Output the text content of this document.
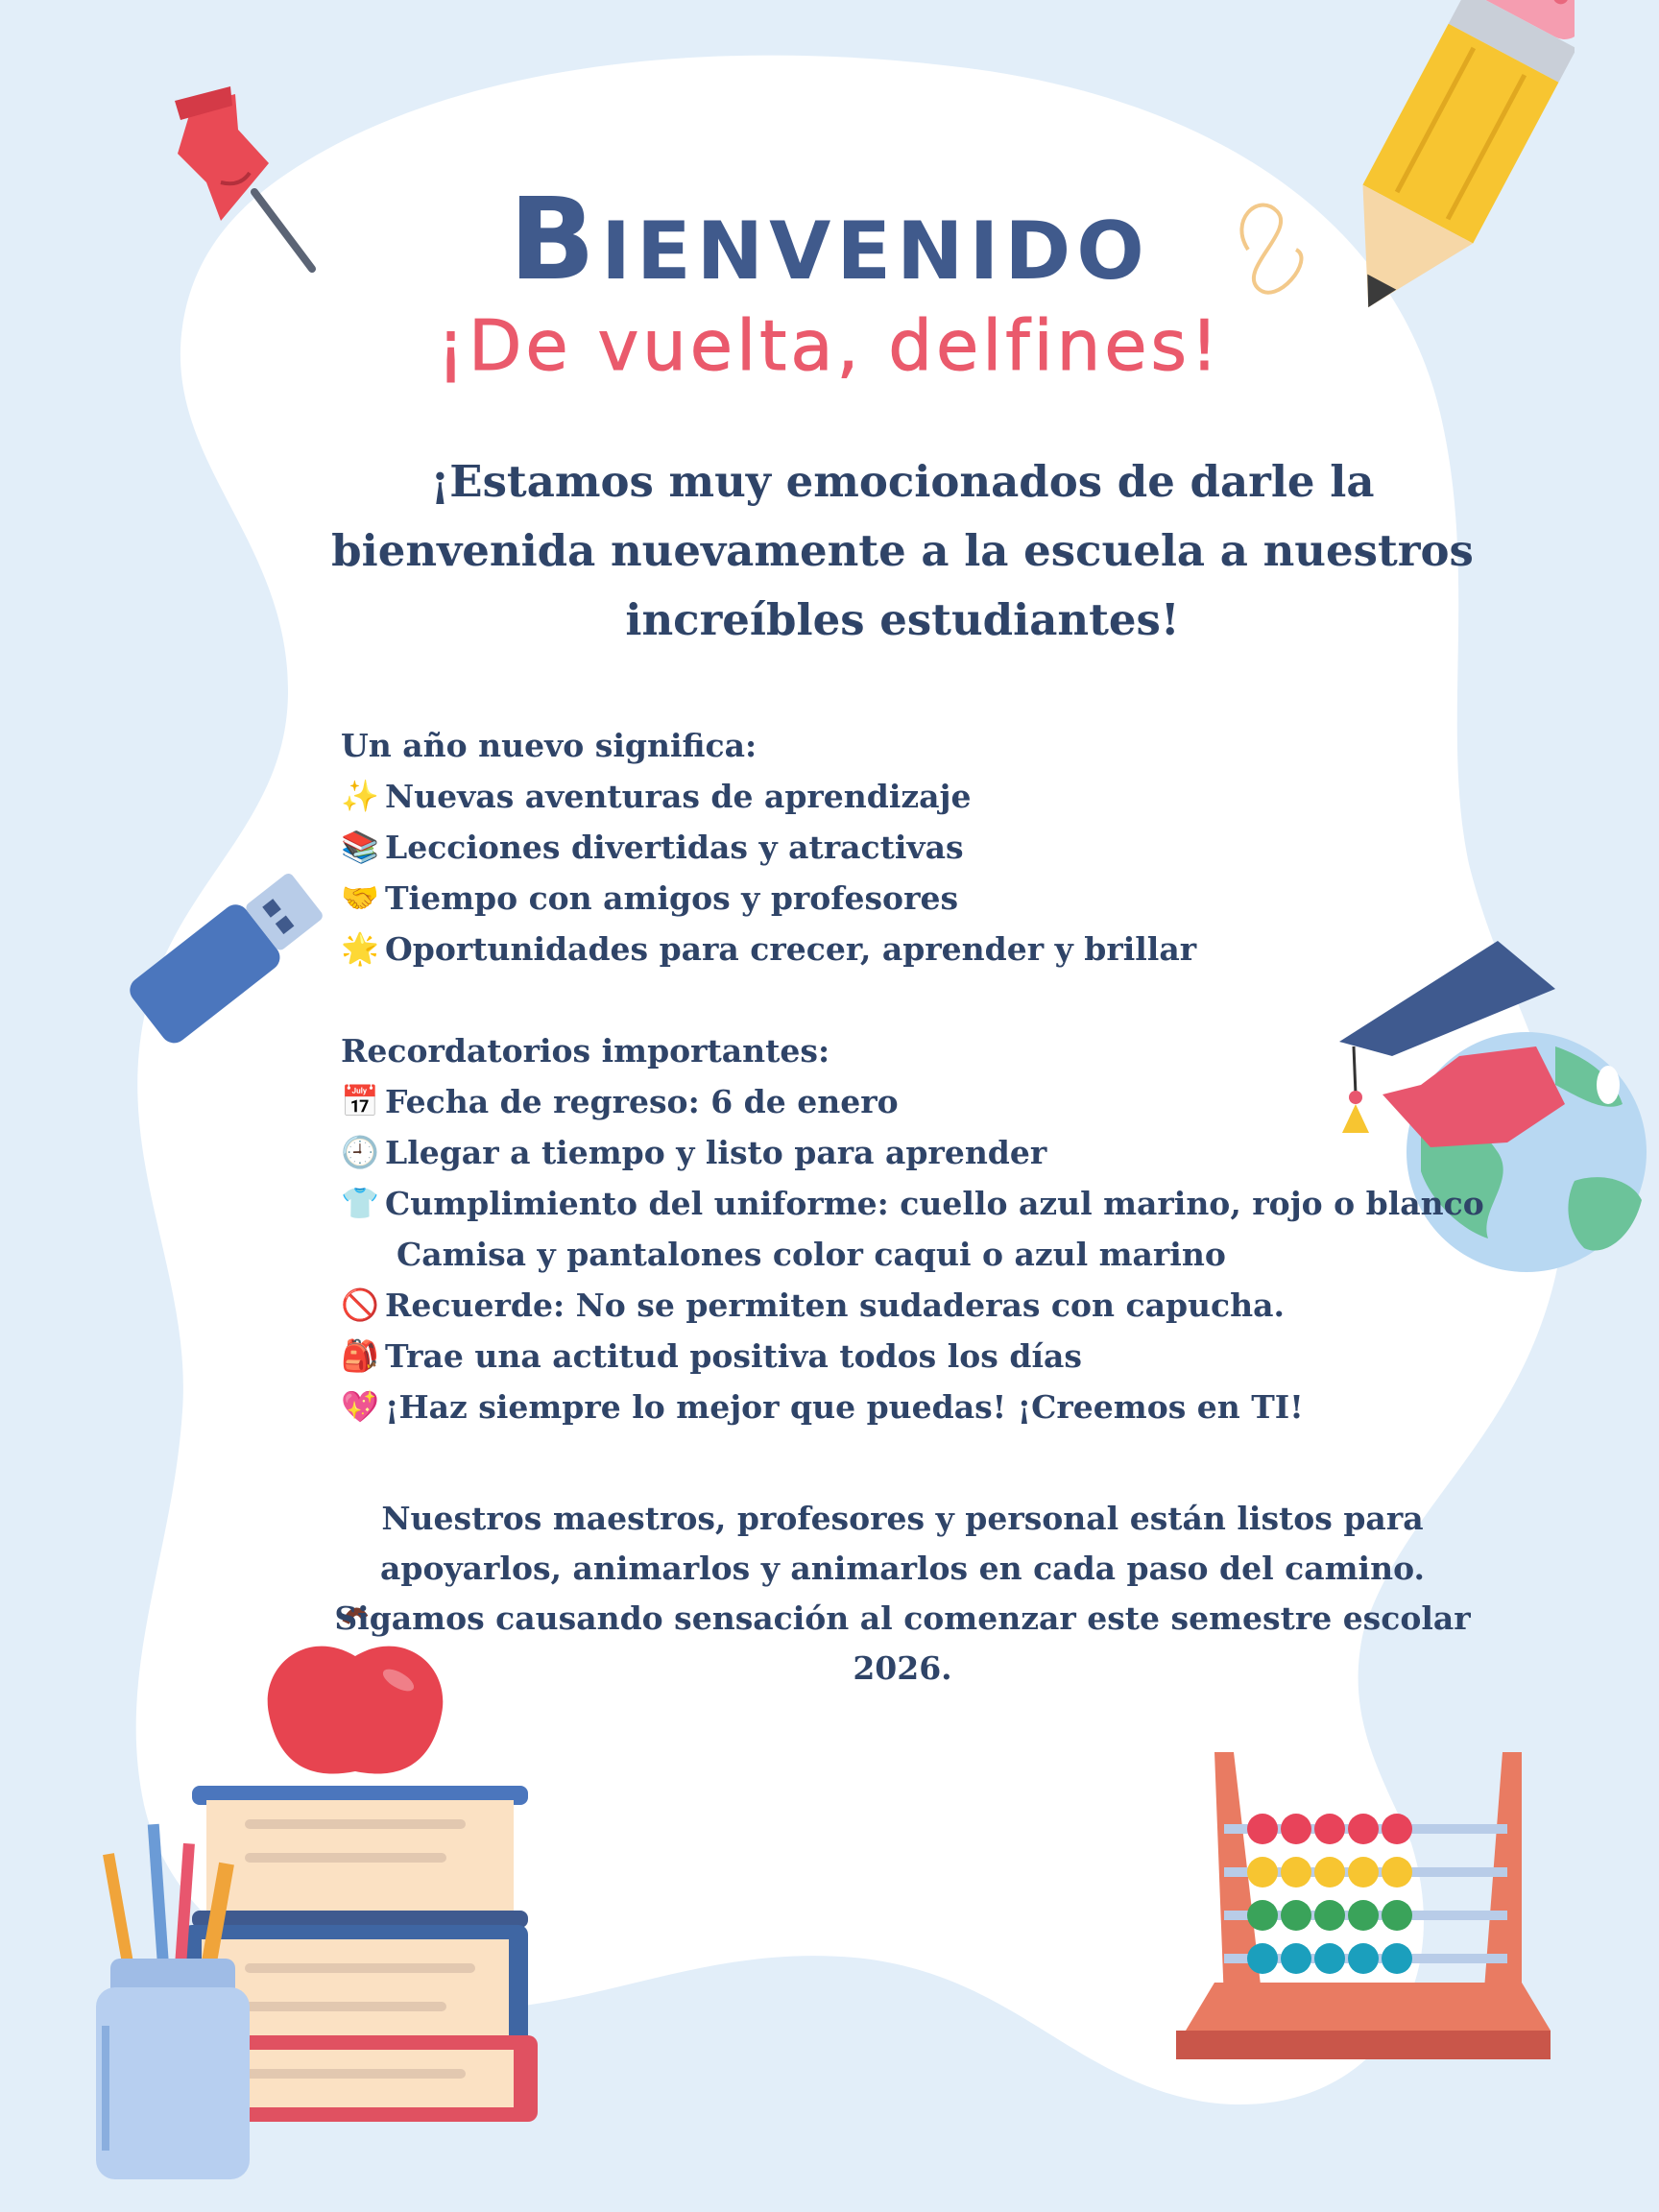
Bienvenido
¡De vuelta, delfines!

¡Estamos muy emocionados de darle la bienvenida nuevamente a la escuela a nuestros increíbles estudiantes!

Un año nuevo significa:
✨ Nuevas aventuras de aprendizaje
📚 Lecciones divertidas y atractivas
🤝 Tiempo con amigos y profesores
🌟 Oportunidades para crecer, aprender y brillar
Recordatorios importantes:
📅 Fecha de regreso: 6 de enero
🕘 Llegar a tiempo y listo para aprender
👕 Cumplimiento del uniforme: cuello azul marino, rojo o blanco
Camisa y pantalones color caqui o azul marino
🚫 Recuerde: No se permiten sudaderas con capucha.
🎒 Trae una actitud positiva todos los días
💖 ¡Haz siempre lo mejor que puedas! ¡Creemos en TI!

Nuestros maestros, profesores y personal están listos para apoyarlos, animarlos y animarlos en cada paso del camino. Sigamos causando sensación al comenzar este semestre escolar 2026.
